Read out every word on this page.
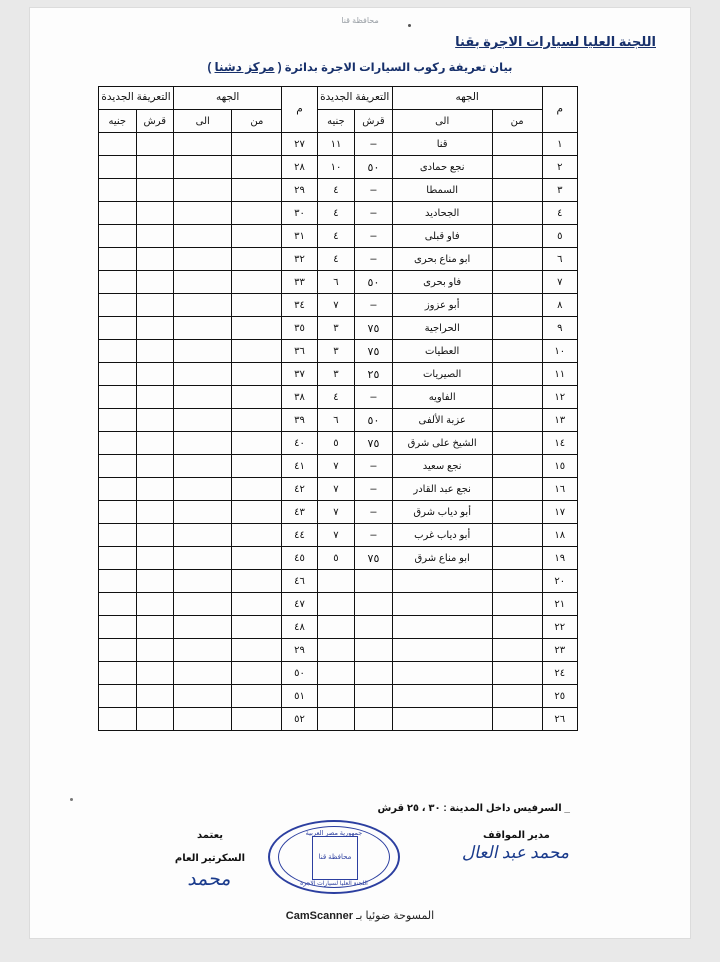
محافظة قنا
اللجنة العليا لسيارات الاجرة بقنا
بيان تعريفة ركوب السيارات الاجرة بدائرة ( مركز دشنا )
م	الجهه		التعريفة الجديدة		م	الجهه		التعريفة الجديدة	
	من	الى	قرش	جنيه		من	الى	قرش	جنيه
١		قنا	–	١١	٢٧				
٢		نجع حمادى	٥٠	١٠	٢٨				
٣		السمطا	–	٤	٢٩				
٤		الجحاديد	–	٤	٣٠				
٥		فاو قبلى	–	٤	٣١				
٦		ابو مناع بحرى	–	٤	٣٢				
٧		فاو بحرى	٥٠	٦	٣٣				
٨		أبو عزوز	–	٧	٣٤				
٩		الحراجية	٧٥	٣	٣٥				
١٠		العطيات	٧٥	٣	٣٦				
١١		الصيريات	٢٥	٣	٣٧				
١٢		الفاويه	–	٤	٣٨				
١٣		عزبة الألفى	٥٠	٦	٣٩				
١٤		الشيخ على شرق	٧٥	٥	٤٠				
١٥		نجع سعيد	–	٧	٤١				
١٦		نجع عبد القادر	–	٧	٤٢				
١٧		أبو دياب شرق	–	٧	٤٣				
١٨		أبو دياب غرب	–	٧	٤٤				
١٩		ابو مناع شرق	٧٥	٥	٤٥				
٢٠					٤٦				
٢١					٤٧				
٢٢					٤٨				
٢٣					٢٩				
٢٤					٥٠				
٢٥					٥١				
٢٦					٥٢				
_ السرفيس داخل المدينة : ٣٠ ، ٢٥ قرش
مدير المواقف
محمد عبد العال
يعتمد
السكرتير العام
محمد
جمهورية مصر العربية
محافظة قنا
اللجنة العليا لسيارات الاجرة
المسوحة ضوئيا بـ CamScanner
